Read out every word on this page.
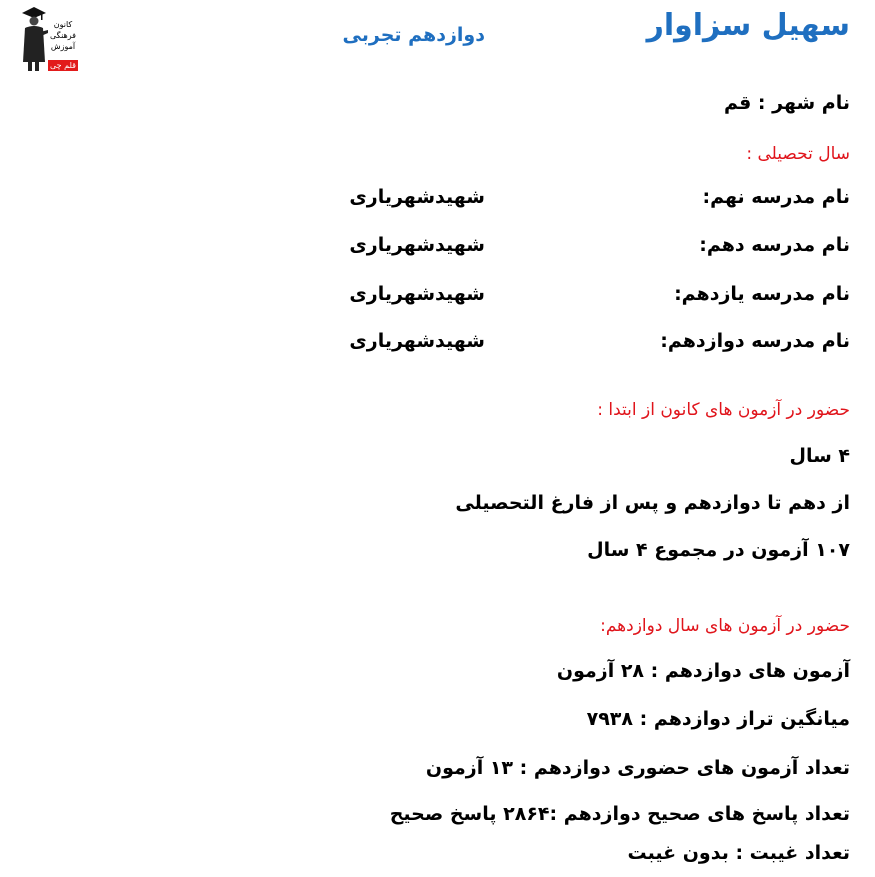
سهیل سزاوار
دوازدهم تجربی
کانون
فرهنگی
آموزش
قلم چی
نام شهر : قم
سال تحصیلی :
نام مدرسه نهم:
شهیدشهریاری
نام مدرسه دهم:
شهیدشهریاری
نام مدرسه یازدهم:
شهیدشهریاری
نام مدرسه دوازدهم:
شهیدشهریاری
حضور در آزمون های کانون از ابتدا :
۴ سال
از دهم تا دوازدهم و پس از فارغ التحصیلی
۱۰۷ آزمون در مجموع ۴ سال
حضور در آزمون های سال دوازدهم:
آزمون های دوازدهم : ۲۸ آزمون
میانگین تراز دوازدهم : ۷۹۳۸
تعداد آزمون های حضوری دوازدهم : ۱۳ آزمون
تعداد پاسخ های صحیح دوازدهم :۲۸۶۴ پاسخ صحیح
تعداد غیبت : بدون غیبت
